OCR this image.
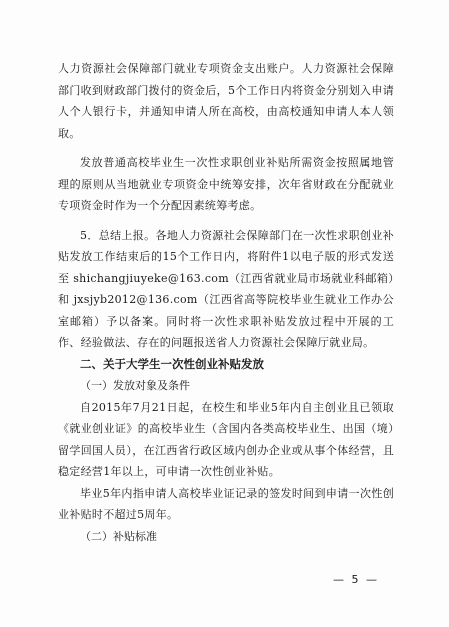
人力资源社会保障部门就业专项资金支出账户。人力资源社会保障部门收到财政部门拨付的资金后，5个工作日内将资金分别划入申请人个人银行卡，并通知申请人所在高校，由高校通知申请人本人领取。

发放普通高校毕业生一次性求职创业补贴所需资金按照属地管理的原则从当地就业专项资金中统筹安排，次年省财政在分配就业专项资金时作为一个分配因素统筹考虑。

5．总结上报。各地人力资源社会保障部门在一次性求职创业补贴发放工作结束后的15个工作日内，将附件1以电子版的形式发送至 shichangjiuyeke@163.com（江西省就业局市场就业科邮箱）和 jxsjyb2012@136.com（江西省高等院校毕业生就业工作办公室邮箱）予以备案。同时将一次性求职补贴发放过程中开展的工作、经验做法、存在的问题报送省人力资源社会保障厅就业局。

二、关于大学生一次性创业补贴发放

（一）发放对象及条件

自2015年7月21日起，在校生和毕业5年内自主创业且已领取《就业创业证》的高校毕业生（含国内各类高校毕业生、出国（境）留学回国人员），在江西省行政区域内创办企业或从事个体经营，且稳定经营1年以上，可申请一次性创业补贴。

毕业5年内指申请人高校毕业证记录的签发时间到申请一次性创业补贴时不超过5周年。

（二）补贴标准

— 5 —
